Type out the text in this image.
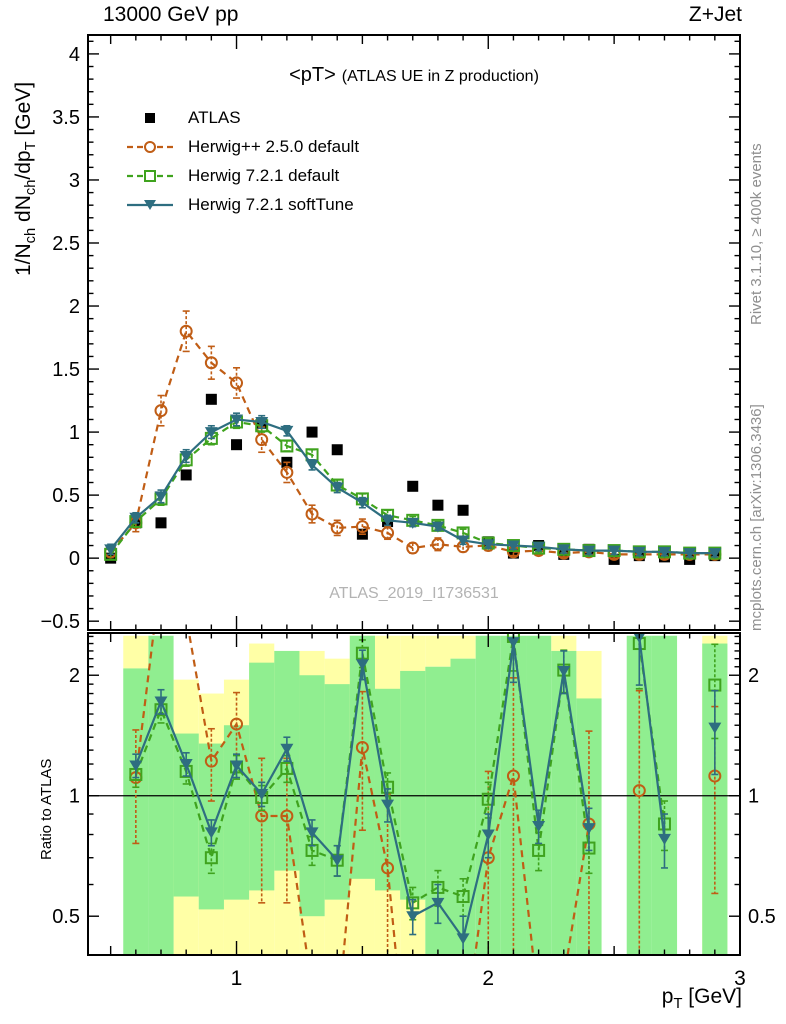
13000 GeV pp	Z+Jet
<pT> (ATLAS UE in Z production)
ATLAS
Herwig++ 2.5.0 default
Herwig 7.2.1 default
Herwig 7.2.1 softTune
ATLAS_2019_I1736531
$1/N_{ch}$ $dN_{ch}/dp_T$ [GeV]
Ratio to ATLAS
$p_T$ [GeV]
Rivet 3.1.10, ≥ 400k events
mcplots.cern.ch [arXiv:1306.3436]
1	2	3
−0.5
0
0.5
1
1.5
2
2.5
3
3.5
4
0.5	0.5
1	1
2	2
